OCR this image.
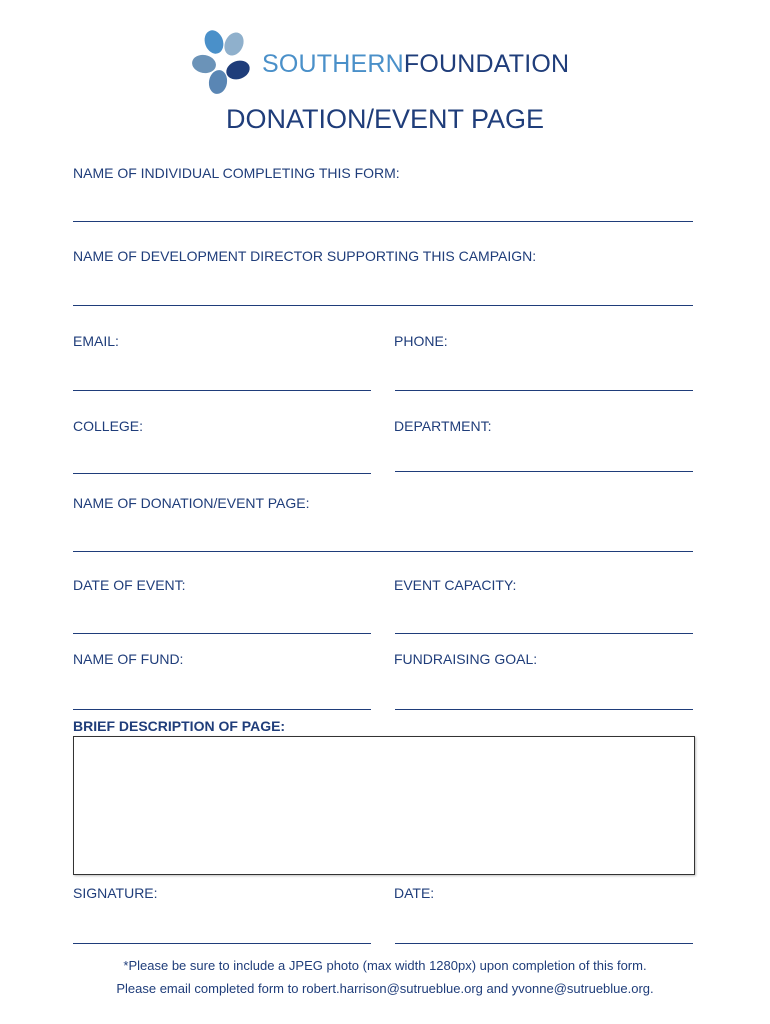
SOUTHERNFOUNDATION
DONATION/EVENT PAGE
NAME OF INDIVIDUAL COMPLETING THIS FORM:
NAME OF DEVELOPMENT DIRECTOR SUPPORTING THIS CAMPAIGN:
EMAIL:	PHONE:
COLLEGE:	DEPARTMENT:
NAME OF DONATION/EVENT PAGE:
DATE OF EVENT:	EVENT CAPACITY:
NAME OF FUND:	FUNDRAISING GOAL:
BRIEF DESCRIPTION OF PAGE:
SIGNATURE:	DATE:
*Please be sure to include a JPEG photo (max width 1280px) upon completion of this form.
Please email completed form to robert.harrison@sutrueblue.org and yvonne@sutrueblue.org.
